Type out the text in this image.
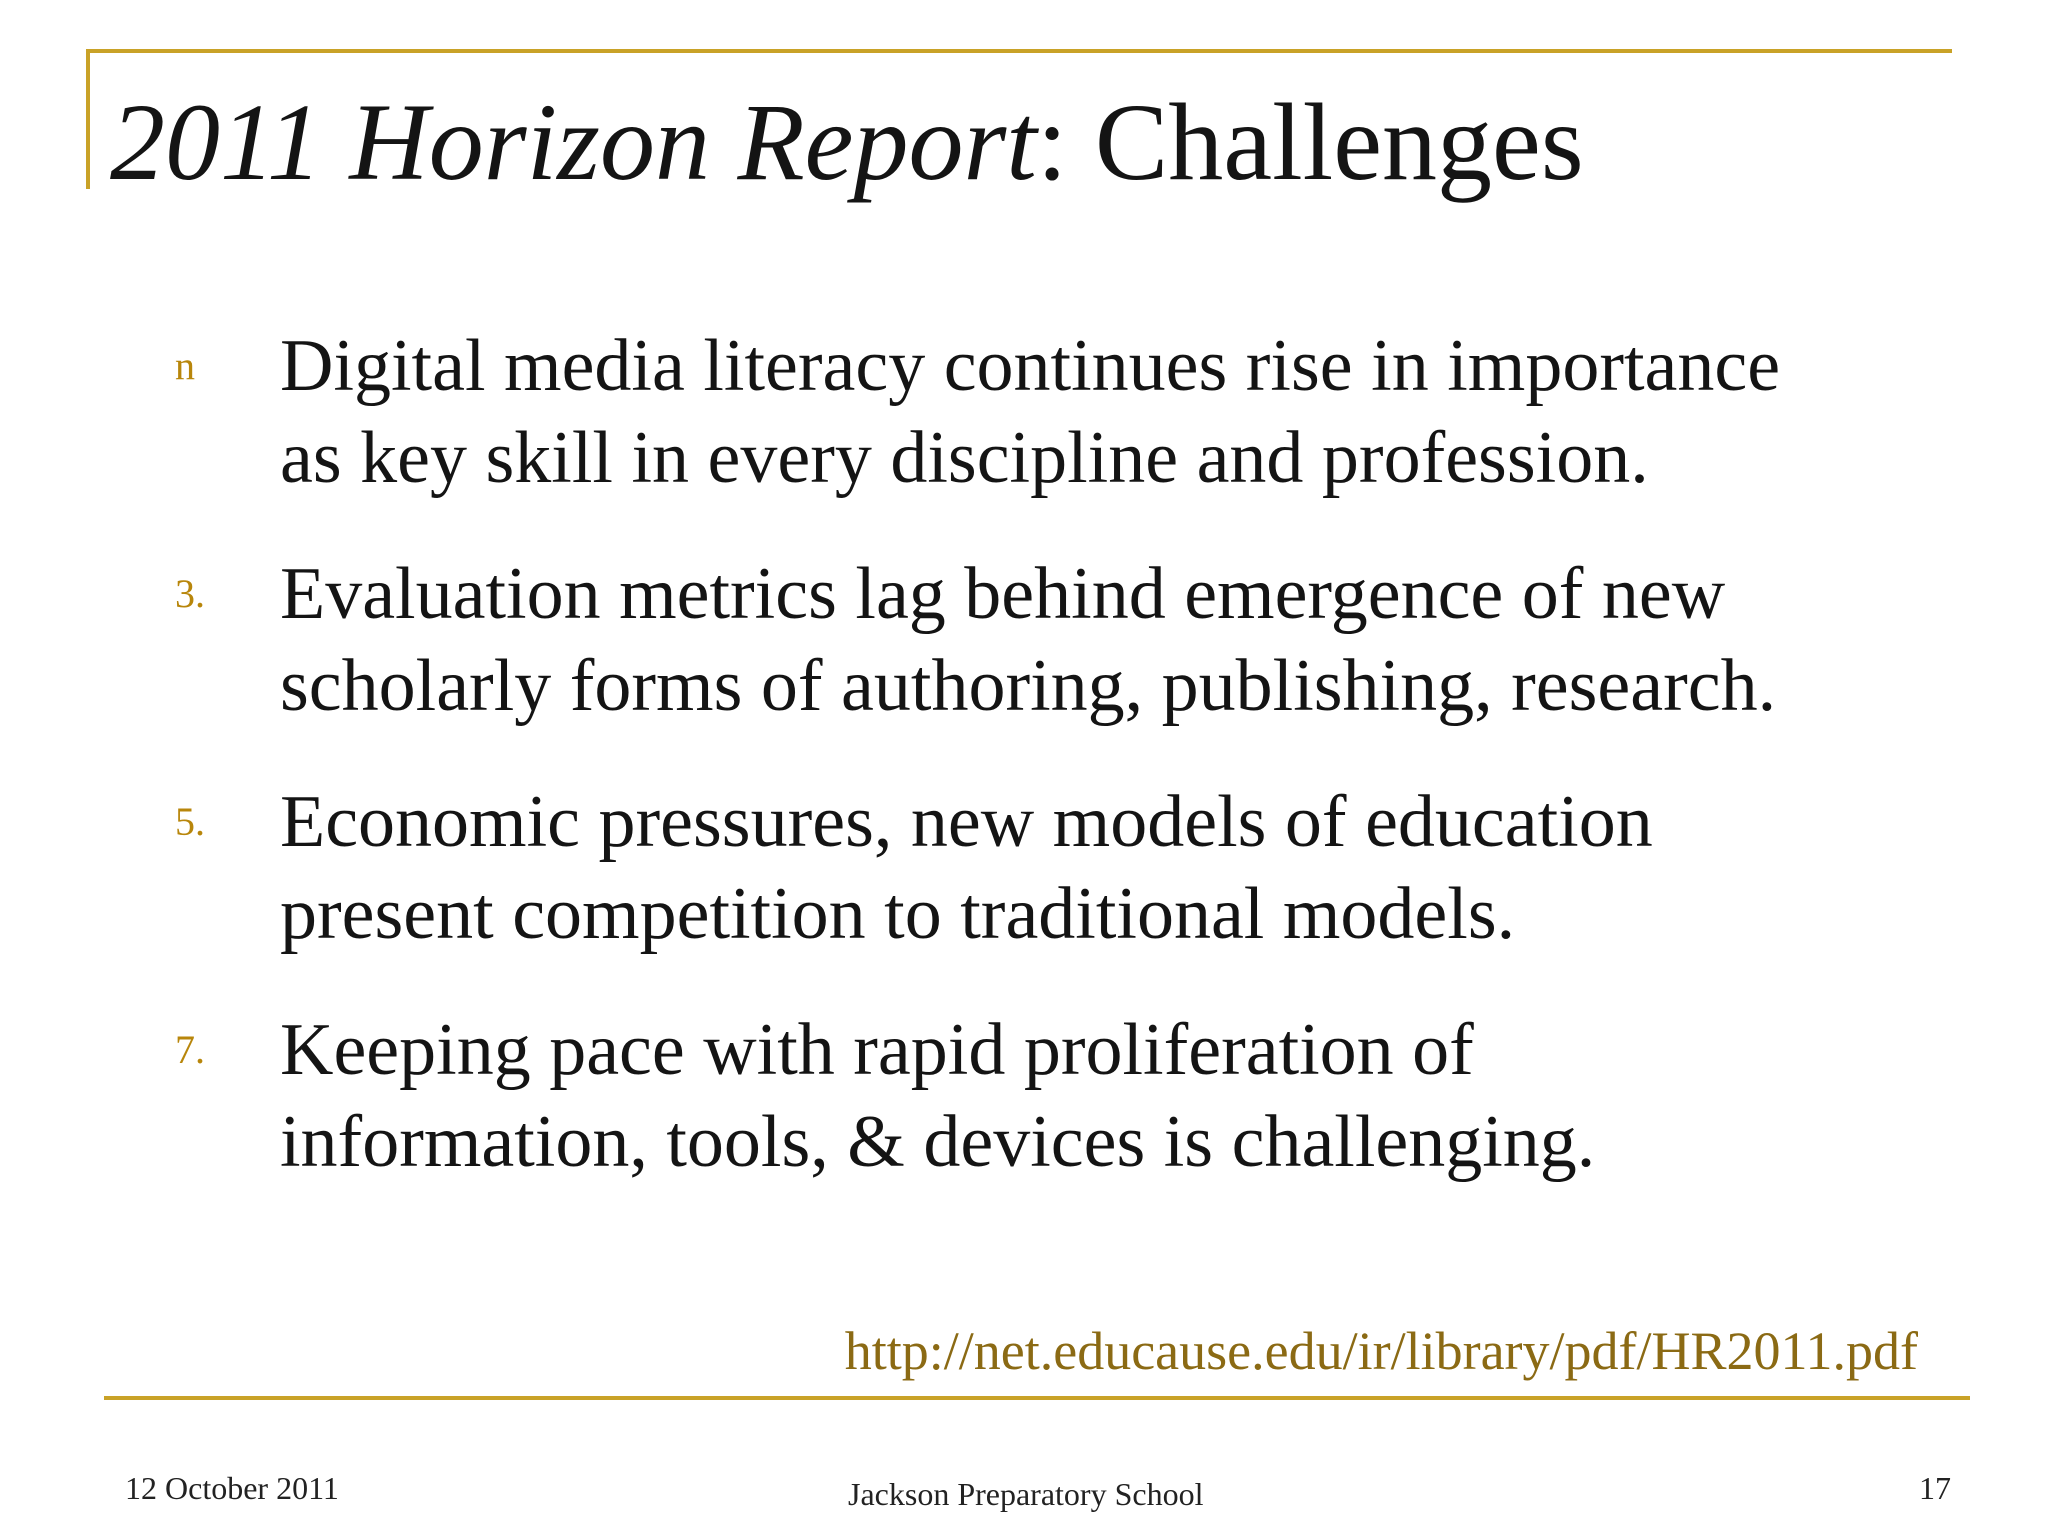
2011 Horizon Report: Challenges
n Digital media literacy continues rise in importance
as key skill in every discipline and profession.
3. Evaluation metrics lag behind emergence of new
scholarly forms of authoring, publishing, research.
5. Economic pressures, new models of education
present competition to traditional models.
7. Keeping pace with rapid proliferation of
information, tools, & devices is challenging.
http://net.educause.edu/ir/library/pdf/HR2011.pdf
12 October 2011	Jackson Preparatory School	17
